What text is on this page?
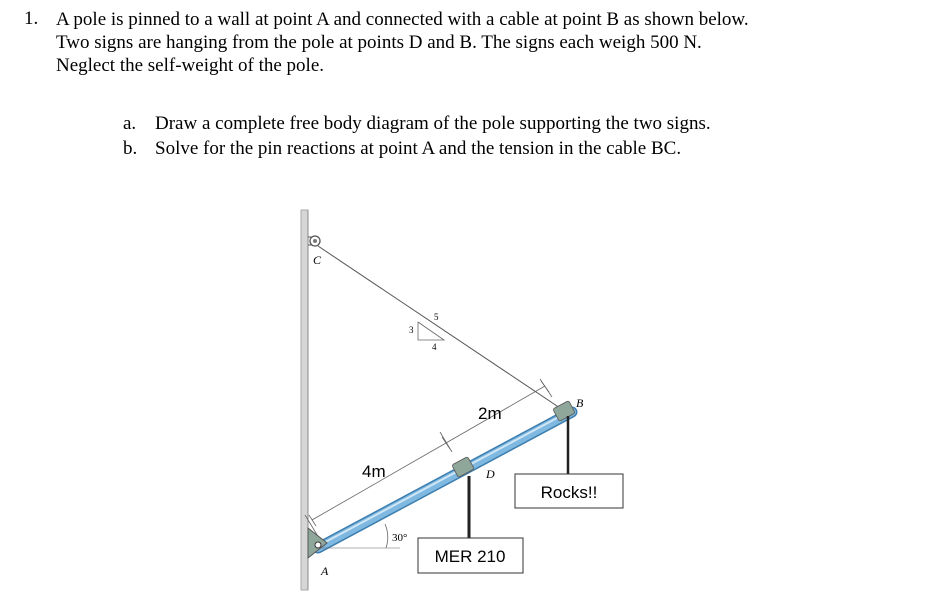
1. A pole is pinned to a wall at point A and connected with a cable at point B as shown below.
Two signs are hanging from the pole at points D and B. The signs each weigh 500 N.
Neglect the self-weight of the pole.
a. Draw a complete free body diagram of the pole supporting the two signs.
b. Solve for the pin reactions at point A and the tension in the cable BC.
3
4
5
4m
2m
A
30°
D
B
C
MER 210
Rocks!!
